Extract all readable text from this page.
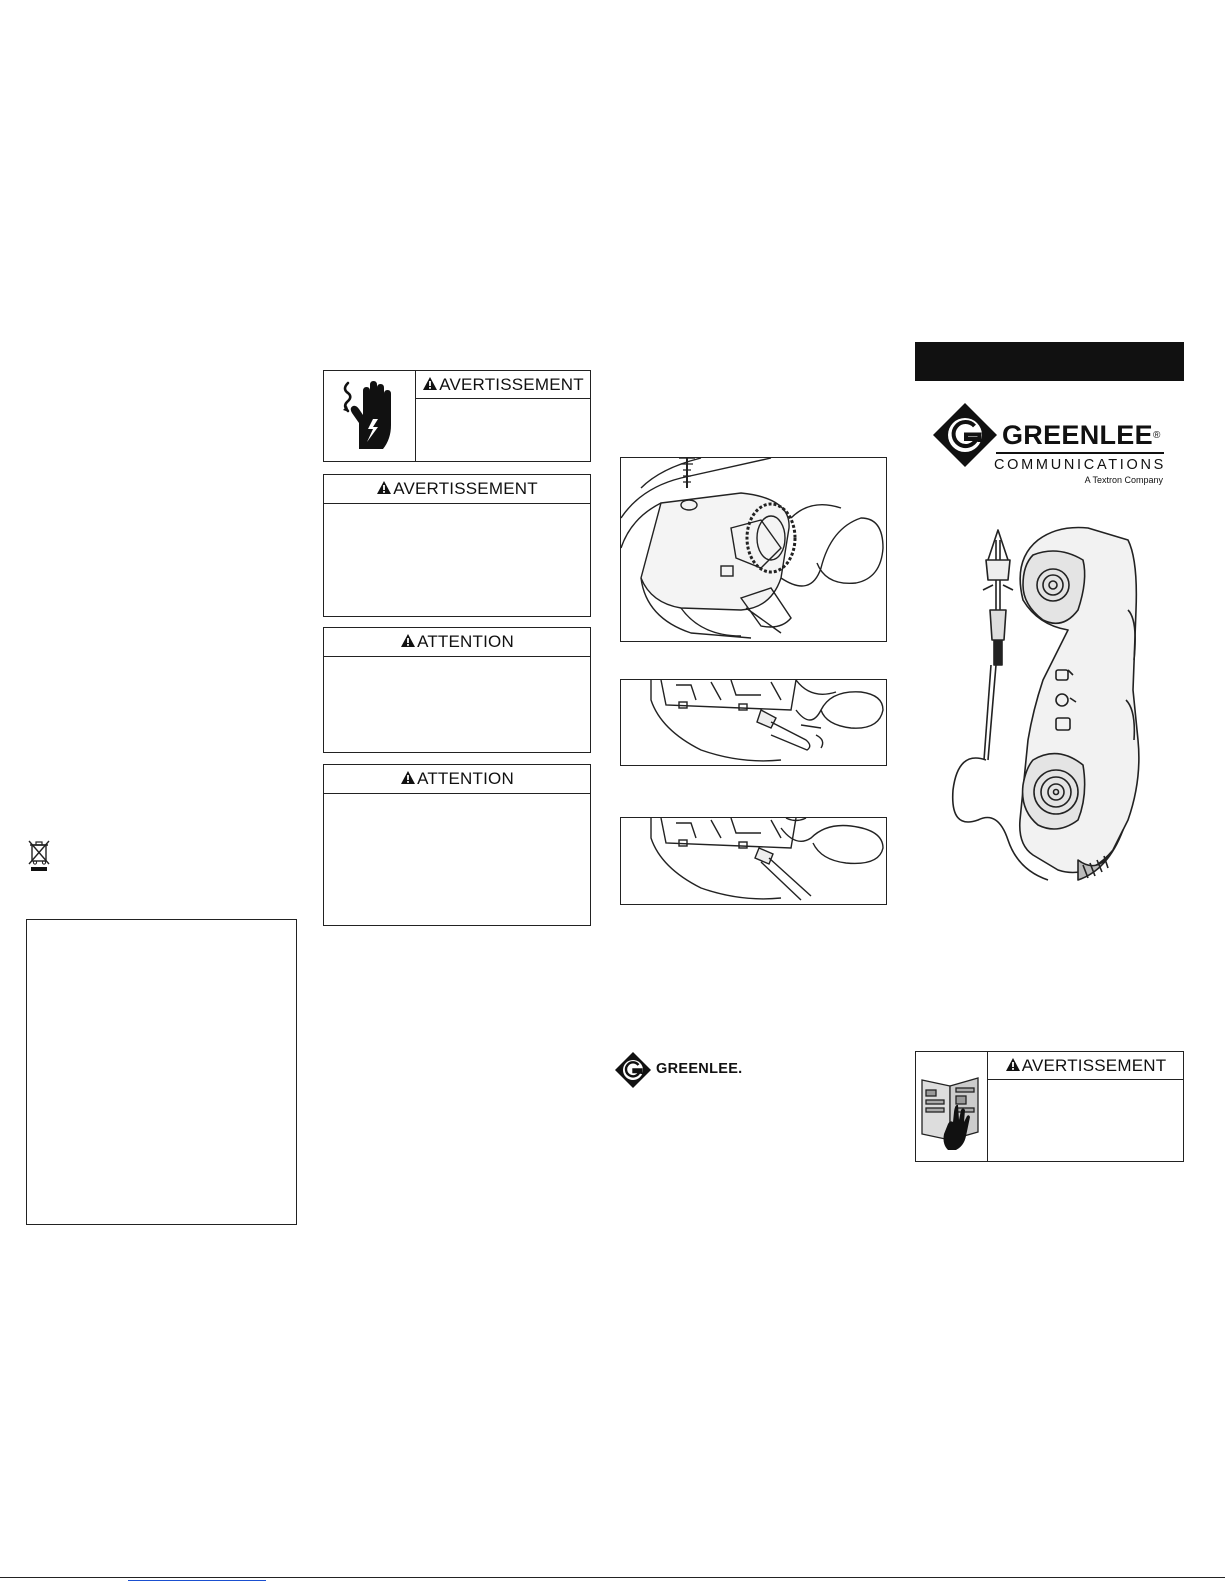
AVERTISSEMENT
AVERTISSEMENT
ATTENTION
ATTENTION
GREENLEE.
GREENLEE®
COMMUNICATIONS
A Textron Company
AVERTISSEMENT
